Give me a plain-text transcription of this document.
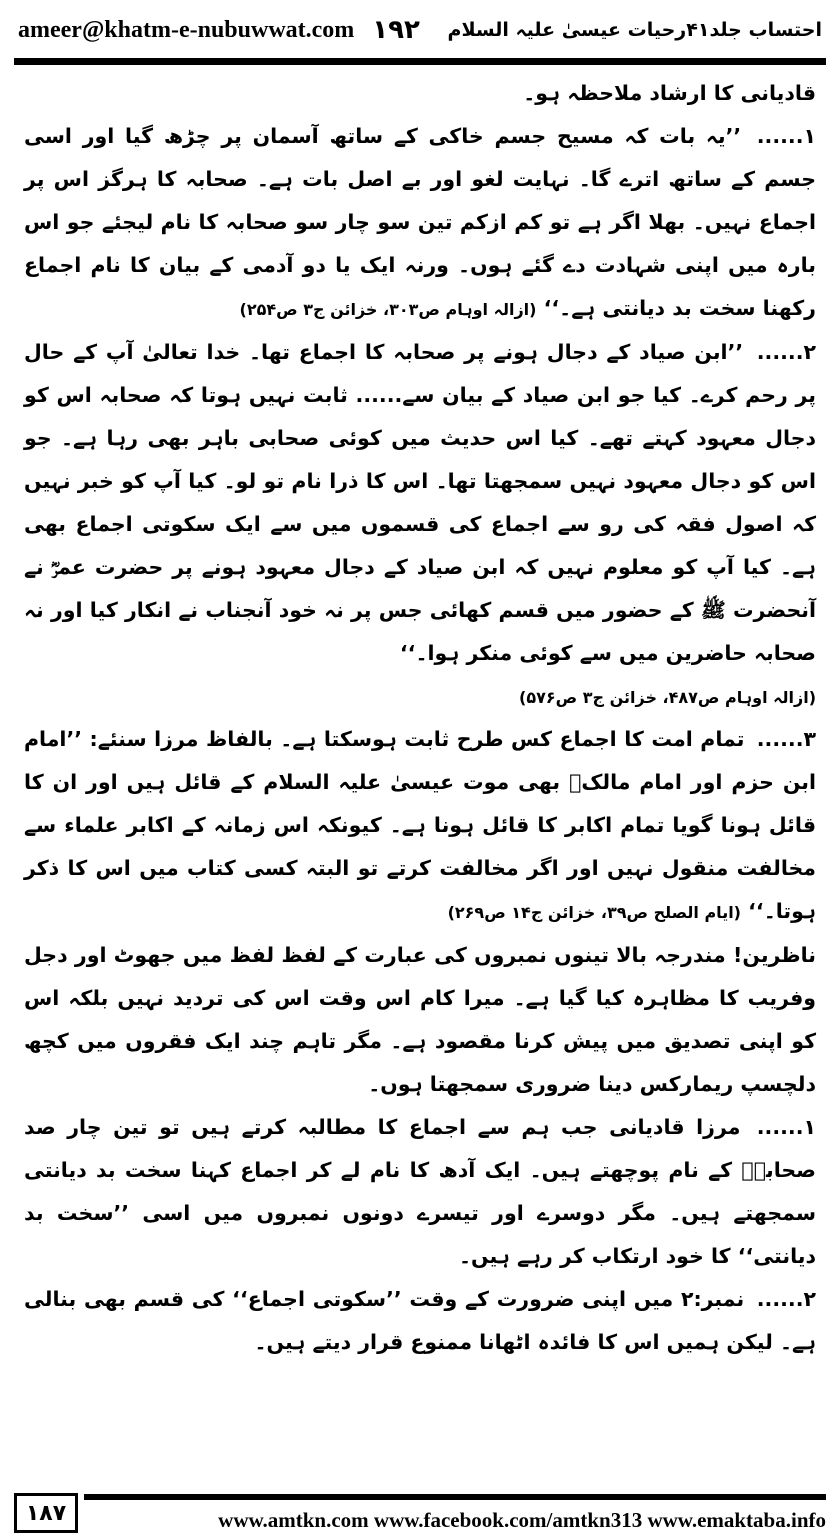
ameer@khatm-e-nubuwwat.com ۱۹۲ احتساب جلد۴۱رحیات عیسیٰ علیہ السلام

قادیانی کا ارشاد ملاحظہ ہو۔

۱...... ’’یہ بات کہ مسیح جسم خاکی کے ساتھ آسمان پر چڑھ گیا اور اسی جسم کے ساتھ اترے گا۔ نہایت لغو اور بے اصل بات ہے۔ صحابہ کا ہرگز اس پر اجماع نہیں۔ بھلا اگر ہے تو کم ازکم تین سو چار سو صحابہ کا نام لیجئے جو اس بارہ میں اپنی شہادت دے گئے ہوں۔ ورنہ ایک یا دو آدمی کے بیان کا نام اجماع رکھنا سخت بد دیانتی ہے۔‘‘ (ازالہ اوہام ص۳۰۳، خزائن ج۳ ص۲۵۴)

۲...... ’’ابن صیاد کے دجال ہونے پر صحابہ کا اجماع تھا۔ خدا تعالیٰ آپ کے حال پر رحم کرے۔ کیا جو ابن صیاد کے بیان سے...... ثابت نہیں ہوتا کہ صحابہ اس کو دجال معہود کہتے تھے۔ کیا اس حدیث میں کوئی صحابی باہر بھی رہا ہے۔ جو اس کو دجال معہود نہیں سمجھتا تھا۔ اس کا ذرا نام تو لو۔ کیا آپ کو خبر نہیں کہ اصول فقہ کی رو سے اجماع کی قسموں میں سے ایک سکوتی اجماع بھی ہے۔ کیا آپ کو معلوم نہیں کہ ابن صیاد کے دجال معہود ہونے پر حضرت عمرؓ نے آنحضرت ﷺ کے حضور میں قسم کھائی جس پر نہ خود آنجناب نے انکار کیا اور نہ صحابہ حاضرین میں سے کوئی منکر ہوا۔‘‘

(ازالہ اوہام ص۴۸۷، خزائن ج۳ ص۵۷۶)

۳...... تمام امت کا اجماع کس طرح ثابت ہوسکتا ہے۔ بالفاظ مرزا سنئے: ’’امام ابن حزم اور امام مالکؒ بھی موت عیسیٰ علیہ السلام کے قائل ہیں اور ان کا قائل ہونا گویا تمام اکابر کا قائل ہونا ہے۔ کیونکہ اس زمانہ کے اکابر علماء سے مخالفت منقول نہیں اور اگر مخالفت کرتے تو البتہ کسی کتاب میں اس کا ذکر ہوتا۔‘‘ (ایام الصلح ص۳۹، خزائن ج۱۴ ص۲۶۹)

ناظرین! مندرجہ بالا تینوں نمبروں کی عبارت کے لفظ لفظ میں جھوٹ اور دجل وفریب کا مظاہرہ کیا گیا ہے۔ میرا کام اس وقت اس کی تردید نہیں بلکہ اس کو اپنی تصدیق میں پیش کرنا مقصود ہے۔ مگر تاہم چند ایک فقروں میں کچھ دلچسپ ریمارکس دینا ضروری سمجھتا ہوں۔

۱...... مرزا قادیانی جب ہم سے اجماع کا مطالبہ کرتے ہیں تو تین چار صد صحابہؓ کے نام پوچھتے ہیں۔ ایک آدھ کا نام لے کر اجماع کہنا سخت بد دیانتی سمجھتے ہیں۔ مگر دوسرے اور تیسرے دونوں نمبروں میں اسی ’’سخت بد دیانتی‘‘ کا خود ارتکاب کر رہے ہیں۔

۲...... نمبر:۲ میں اپنی ضرورت کے وقت ’’سکوتی اجماع‘‘ کی قسم بھی بنالی ہے۔ لیکن ہمیں اس کا فائدہ اٹھانا ممنوع قرار دیتے ہیں۔

۱۸۷	www.amtkn.com www.facebook.com/amtkn313 www.emaktaba.info
